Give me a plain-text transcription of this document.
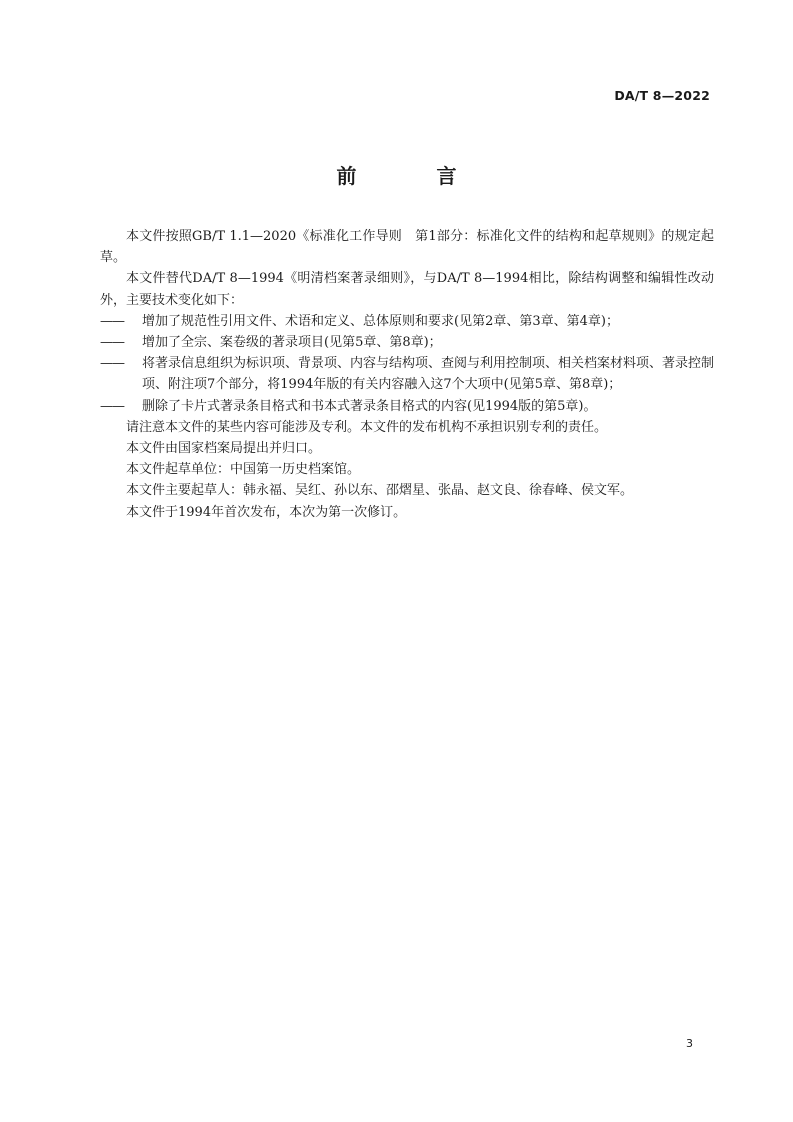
DA/T 8—2022
前　言

本文件按照GB/T 1.1—2020《标准化工作导则　第1部分：标准化文件的结构和起草规则》的规定起草。

本文件替代DA/T 8—1994《明清档案著录细则》，与DA/T 8—1994相比，除结构调整和编辑性改动外，主要技术变化如下：

—— 增加了规范性引用文件、术语和定义、总体原则和要求(见第2章、第3章、第4章)；

—— 增加了全宗、案卷级的著录项目(见第5章、第8章)；

—— 将著录信息组织为标识项、背景项、内容与结构项、查阅与利用控制项、相关档案材料项、著录控制项、附注项7个部分，将1994年版的有关内容融入这7个大项中(见第5章、第8章)；

—— 删除了卡片式著录条目格式和书本式著录条目格式的内容(见1994版的第5章)。

请注意本文件的某些内容可能涉及专利。本文件的发布机构不承担识别专利的责任。

本文件由国家档案局提出并归口。

本文件起草单位：中国第一历史档案馆。

本文件主要起草人：韩永福、吴红、孙以东、邵熠星、张晶、赵文良、徐春峰、侯文军。

本文件于1994年首次发布，本次为第一次修订。

3
